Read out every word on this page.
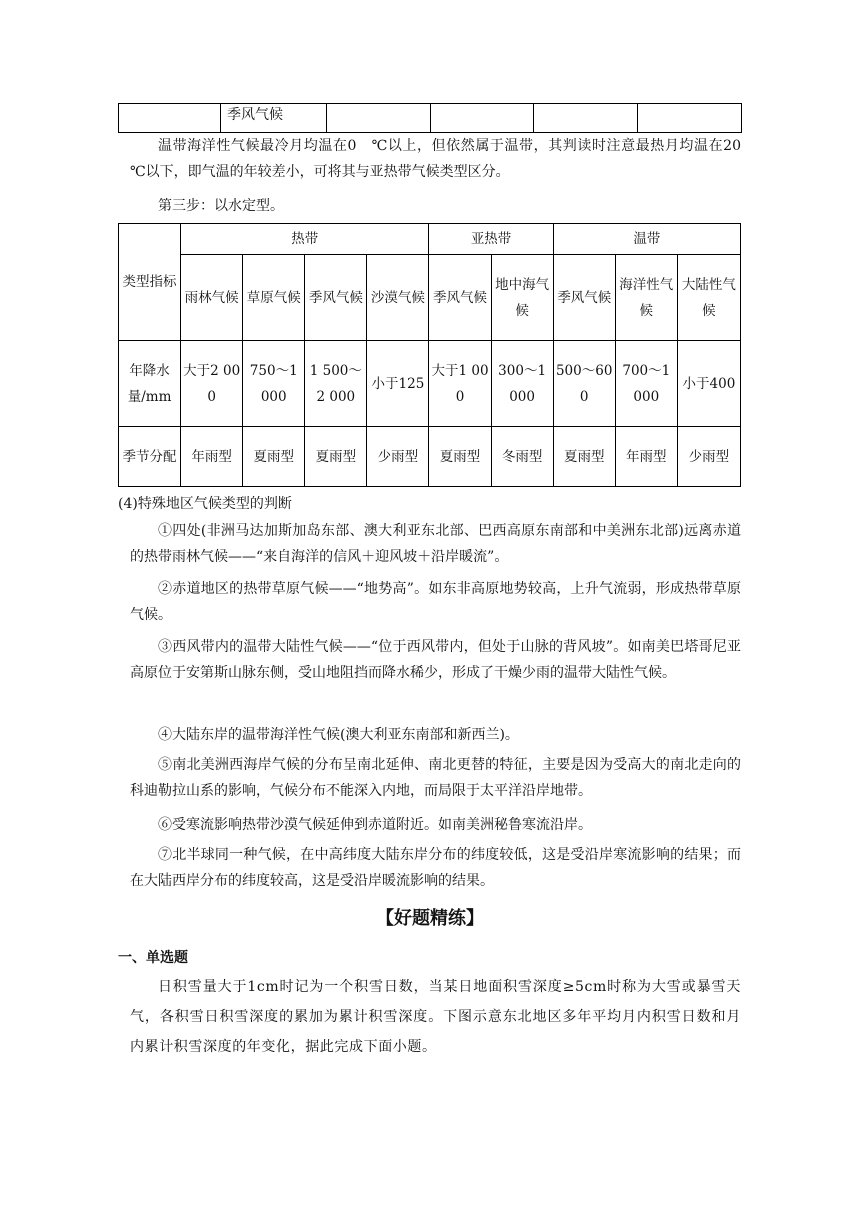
	季风气候				
温带海洋性气候最冷月均温在0　℃以上，但依然属于温带，其判读时注意最热月均温在20　℃以下，即气温的年较差小，可将其与亚热带气候类型区分。
第三步：以水定型。
类型指标	热带				亚热带		温带		
	雨林气候	草原气候	季风气候	沙漠气候	季风气候	地中海气候	季风气候	海洋性气候	大陆性气候
年降水量/mm	大于2 000	750～1 000	1 500～2 000	小于125	大于1 000	300～1 000	500～600	700～1 000	小于400
季节分配	年雨型	夏雨型	夏雨型	少雨型	夏雨型	冬雨型	夏雨型	年雨型	少雨型
(4)特殊地区气候类型的判断
①四处(非洲马达加斯加岛东部、澳大利亚东北部、巴西高原东南部和中美洲东北部)远离赤道的热带雨林气候——“来自海洋的信风＋迎风坡＋沿岸暖流”。
②赤道地区的热带草原气候——“地势高”。如东非高原地势较高，上升气流弱，形成热带草原气候。
③西风带内的温带大陆性气候——“位于西风带内，但处于山脉的背风坡”。如南美巴塔哥尼亚高原位于安第斯山脉东侧，受山地阻挡而降水稀少，形成了干燥少雨的温带大陆性气候。
④大陆东岸的温带海洋性气候(澳大利亚东南部和新西兰)。
⑤南北美洲西海岸气候的分布呈南北延伸、南北更替的特征，主要是因为受高大的南北走向的科迪勒拉山系的影响，气候分布不能深入内地，而局限于太平洋沿岸地带。
⑥受寒流影响热带沙漠气候延伸到赤道附近。如南美洲秘鲁寒流沿岸。
⑦北半球同一种气候，在中高纬度大陆东岸分布的纬度较低，这是受沿岸寒流影响的结果；而在大陆西岸分布的纬度较高，这是受沿岸暖流影响的结果。
【好题精练】
一、单选题
日积雪量大于1cm时记为一个积雪日数，当某日地面积雪深度≥5cm时称为大雪或暴雪天气，各积雪日积雪深度的累加为累计积雪深度。下图示意东北地区多年平均月内积雪日数和月内累计积雪深度的年变化，据此完成下面小题。
